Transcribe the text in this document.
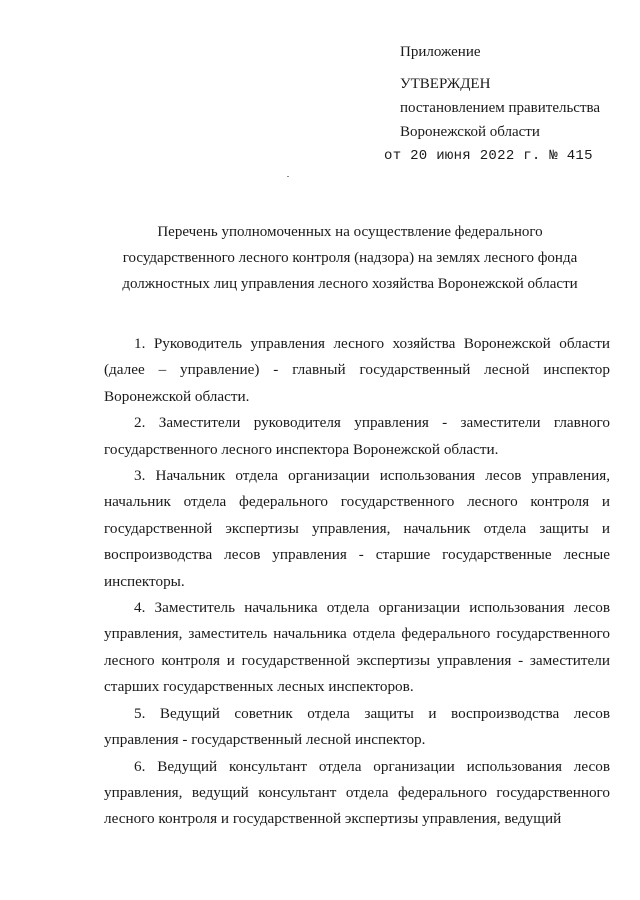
Приложение
УТВЕРЖДЕН
постановлением правительства
Воронежской области
от 20 июня 2022 г. № 415
Перечень уполномоченных на осуществление федерального
государственного лесного контроля (надзора) на землях лесного фонда
должностных лиц управления лесного хозяйства Воронежской области

1. Руководитель управления лесного хозяйства Воронежской области (далее – управление) - главный государственный лесной инспектор Воронежской области.

2. Заместители руководителя управления - заместители главного государственного лесного инспектора Воронежской области.

3. Начальник отдела организации использования лесов управления, начальник отдела федерального государственного лесного контроля и государственной экспертизы управления, начальник отдела защиты и воспроизводства лесов управления - старшие государственные лесные инспекторы.

4. Заместитель начальника отдела организации использования лесов управления, заместитель начальника отдела федерального государственного лесного контроля и государственной экспертизы управления - заместители старших государственных лесных инспекторов.

5. Ведущий советник отдела защиты и воспроизводства лесов управления - государственный лесной инспектор.

6. Ведущий консультант отдела организации использования лесов управления, ведущий консультант отдела федерального государственного лесного контроля и государственной экспертизы управления, ведущий
